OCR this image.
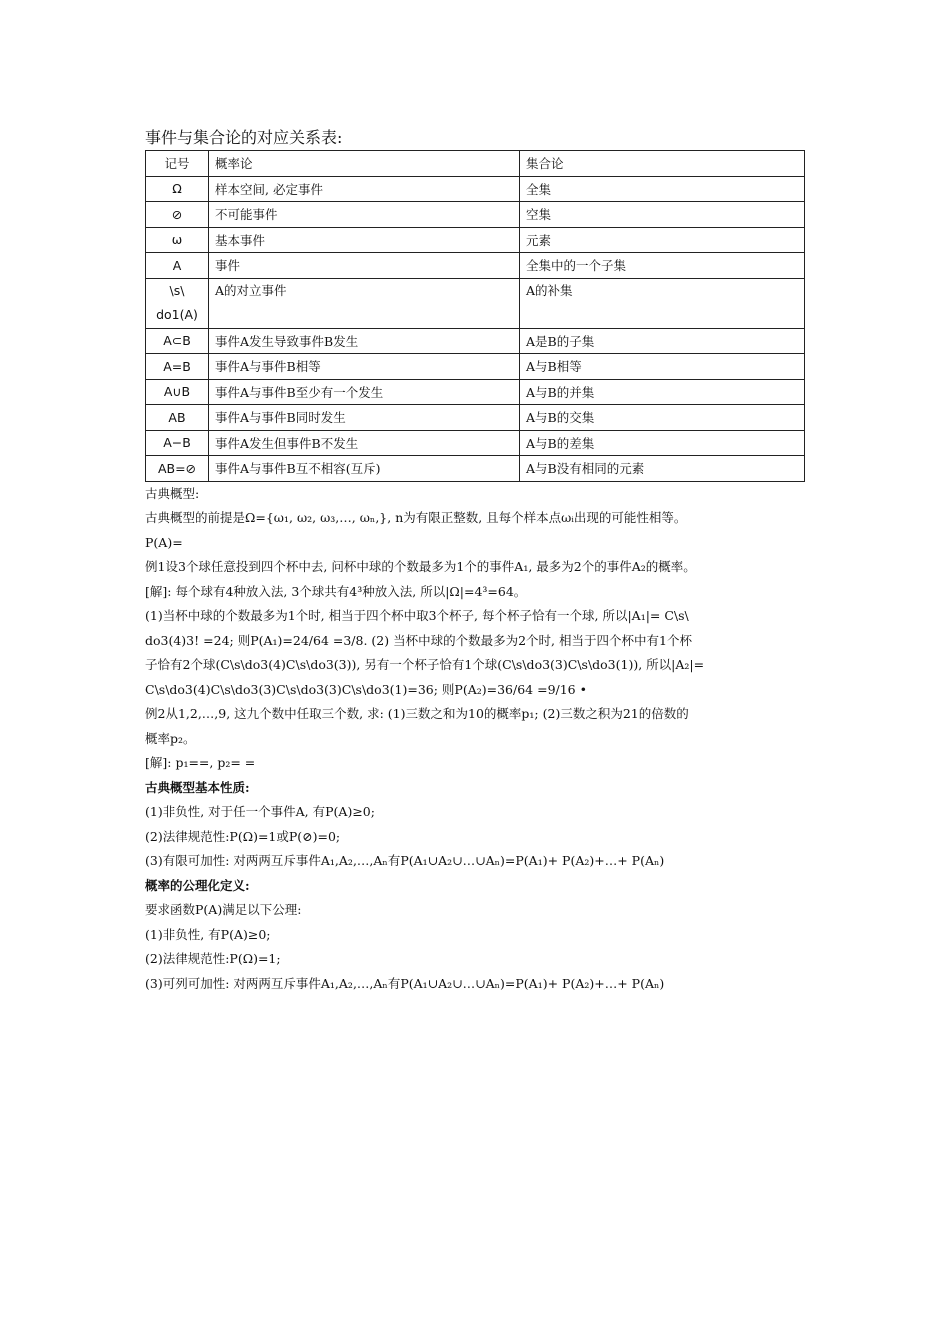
事件与集合论的对应关系表:
记号	概率论	集合论
Ω	样本空间, 必定事件	全集
⊘	不可能事件	空集
ω	基本事件	元素
A	事件	全集中的一个子集

\s\
do1(A)	A的对立事件	A的补集

A⊂B	事件A发生导致事件B发生	A是B的子集
A=B	事件A与事件B相等	A与B相等
A∪B	事件A与事件B至少有一个发生	A与B的并集
AB	事件A与事件B同时发生	A与B的交集
A−B	事件A发生但事件B不发生	A与B的差集
AB=⊘	事件A与事件B互不相容(互斥)	A与B没有相同的元素
古典概型:
古典概型的前提是Ω={ω₁, ω₂, ω₃,…, ωₙ,}, n为有限正整数, 且每个样本点ωᵢ出现的可能性相等。
P(A)=
例1设3个球任意投到四个杯中去, 问杯中球的个数最多为1个的事件A₁, 最多为2个的事件A₂的概率。
[解]: 每个球有4种放入法, 3个球共有4³种放入法, 所以|Ω|=4³=64。
(1)当杯中球的个数最多为1个时, 相当于四个杯中取3个杯子, 每个杯子恰有一个球, 所以|A₁|= C\s\
do3(4)3! =24; 则P(A₁)=24/64 =3/8. (2) 当杯中球的个数最多为2个时, 相当于四个杯中有1个杯
子恰有2个球(C\s\do3(4)C\s\do3(3)), 另有一个杯子恰有1个球(C\s\do3(3)C\s\do3(1)), 所以|A₂|=
C\s\do3(4)C\s\do3(3)C\s\do3(3)C\s\do3(1)=36; 则P(A₂)=36/64 =9/16 •
例2从1,2,…,9, 这九个数中任取三个数, 求: (1)三数之和为10的概率p₁; (2)三数之积为21的倍数的
概率p₂。
[解]: p₁==, p₂= =
古典概型基本性质:
(1)非负性, 对于任一个事件A, 有P(A)≥0;
(2)法律规范性:P(Ω)=1或P(⊘)=0;
(3)有限可加性: 对两两互斥事件A₁,A₂,…,Aₙ有P(A₁∪A₂∪…∪Aₙ)=P(A₁)+ P(A₂)+…+ P(Aₙ)
概率的公理化定义:
要求函数P(A)满足以下公理:
(1)非负性, 有P(A)≥0;
(2)法律规范性:P(Ω)=1;
(3)可列可加性: 对两两互斥事件A₁,A₂,…,Aₙ有P(A₁∪A₂∪…∪Aₙ)=P(A₁)+ P(A₂)+…+ P(Aₙ)
